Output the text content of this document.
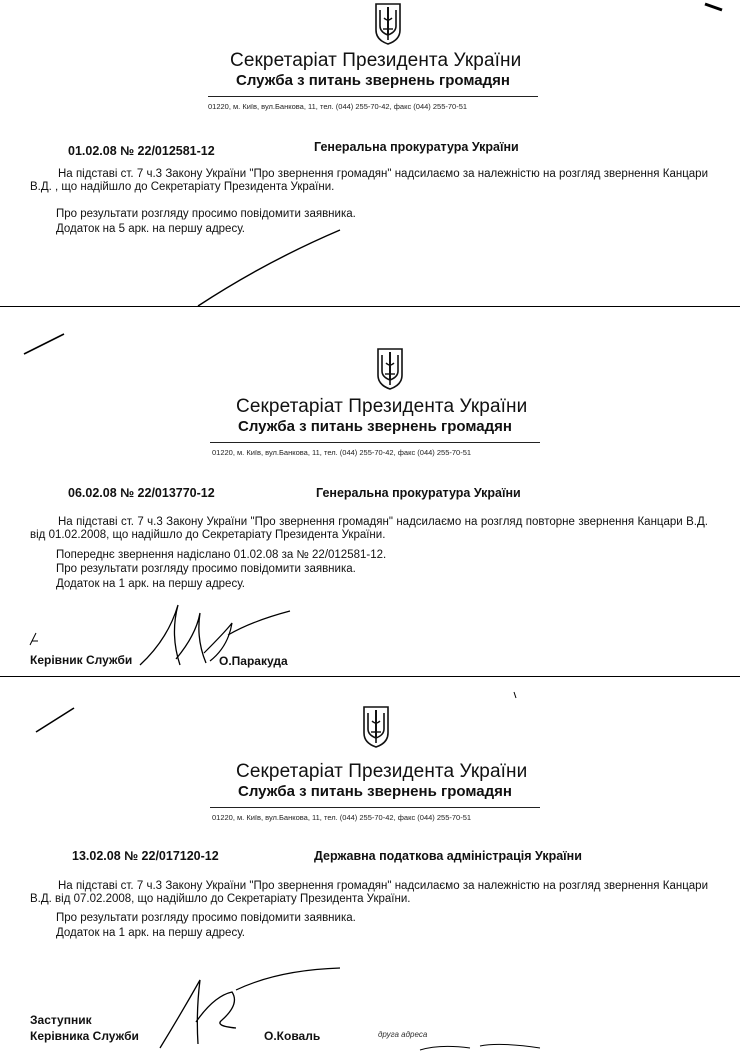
Секретаріат Президента України
Служба з питань звернень громадян
01220, м. Київ, вул.Банкова, 11, тел. (044) 255-70-42, факс (044) 255-70-51
01.02.08 № 22/012581-12	Генеральна прокуратура України
На підставі ст. 7 ч.3 Закону України "Про звернення громадян" надсилаємо за належністю на розгляд звернення Канцари В.Д. , що надійшло до Секретаріату Президента України.
Про результати розгляду просимо повідомити заявника.
Додаток на 5 арк. на першу адресу.
Секретаріат Президента України
Служба з питань звернень громадян
01220, м. Київ, вул.Банкова, 11, тел. (044) 255-70-42, факс (044) 255-70-51
06.02.08 № 22/013770-12	Генеральна прокуратура України
На підставі ст. 7 ч.3 Закону України "Про звернення громадян" надсилаємо на розгляд повторне звернення Канцари В.Д. від 01.02.2008, що надійшло до Секретаріату Президента України.
Попереднє звернення надіслано 01.02.08 за № 22/012581-12.
Про результати розгляду просимо повідомити заявника.
Додаток на 1 арк. на першу адресу.
Керівник Служби	О.Паракуда
Секретаріат Президента України
Служба з питань звернень громадян
01220, м. Київ, вул.Банкова, 11, тел. (044) 255-70-42, факс (044) 255-70-51
13.02.08 № 22/017120-12	Державна податкова адміністрація України
На підставі ст. 7 ч.3 Закону України "Про звернення громадян" надсилаємо за належністю на розгляд звернення Канцари В.Д. від 07.02.2008, що надійшло до Секретаріату Президента України.
Про результати розгляду просимо повідомити заявника.
Додаток на 1 арк. на першу адресу.
Заступник
Керівника Служби	О.Коваль	друга адреса
